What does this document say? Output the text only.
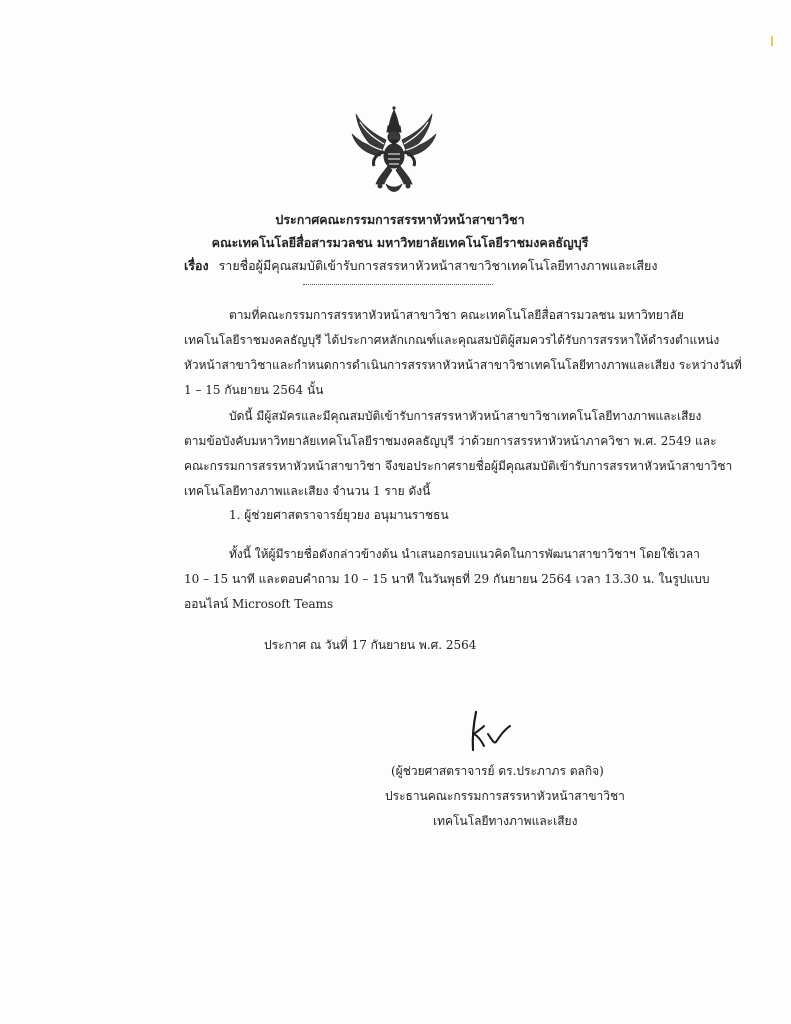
ประกาศคณะกรรมการสรรหาหัวหน้าสาขาวิชา
คณะเทคโนโลยีสื่อสารมวลชน มหาวิทยาลัยเทคโนโลยีราชมงคลธัญบุรี
เรื่อง รายชื่อผู้มีคุณสมบัติเข้ารับการสรรหาหัวหน้าสาขาวิชาเทคโนโลยีทางภาพและเสียง
ตามที่คณะกรรมการสรรหาหัวหน้าสาขาวิชา คณะเทคโนโลยีสื่อสารมวลชน มหาวิทยาลัย
เทคโนโลยีราชมงคลธัญบุรี ได้ประกาศหลักเกณฑ์และคุณสมบัติผู้สมควรได้รับการสรรหาให้ดำรงตำแหน่ง
หัวหน้าสาขาวิชาและกำหนดการดำเนินการสรรหาหัวหน้าสาขาวิชาเทคโนโลยีทางภาพและเสียง ระหว่างวันที่
1 – 15 กันยายน 2564 นั้น
บัดนี้ มีผู้สมัครและมีคุณสมบัติเข้ารับการสรรหาหัวหน้าสาขาวิชาเทคโนโลยีทางภาพและเสียง
ตามข้อบังคับมหาวิทยาลัยเทคโนโลยีราชมงคลธัญบุรี ว่าด้วยการสรรหาหัวหน้าภาควิชา พ.ศ. 2549 และ
คณะกรรมการสรรหาหัวหน้าสาขาวิชา จึงขอประกาศรายชื่อผู้มีคุณสมบัติเข้ารับการสรรหาหัวหน้าสาขาวิชา
เทคโนโลยีทางภาพและเสียง จำนวน 1 ราย ดังนี้
1. ผู้ช่วยศาสตราจารย์ยุวยง อนุมานราชธน
ทั้งนี้ ให้ผู้มีรายชื่อดังกล่าวข้างต้น นำเสนอกรอบแนวคิดในการพัฒนาสาขาวิชาฯ โดยใช้เวลา
10 – 15 นาที และตอบคำถาม 10 – 15 นาที ในวันพุธที่ 29 กันยายน 2564 เวลา 13.30 น. ในรูปแบบ
ออนไลน์ Microsoft Teams
ประกาศ ณ วันที่ 17 กันยายน พ.ศ. 2564
(ผู้ช่วยศาสตราจารย์ ดร.ประภาภร ตลกิจ)
ประธานคณะกรรมการสรรหาหัวหน้าสาขาวิชา
เทคโนโลยีทางภาพและเสียง
